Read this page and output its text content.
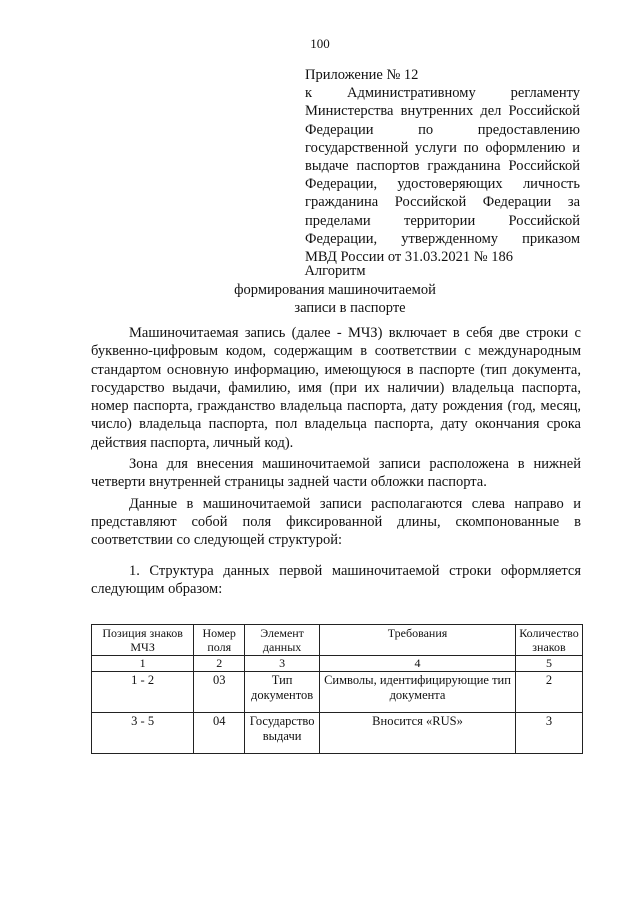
100
Приложение № 12
к Административному регламенту
Министерства внутренних дел Российской
Федерации по предоставлению
государственной услуги по оформлению и
выдаче паспортов гражданина Российской
Федерации, удостоверяющих личность
гражданина Российской Федерации за
пределами территории Российской
Федерации, утвержденному приказом
МВД России от 31.03.2021 № 186
Алгоритм
формирования машиночитаемой
записи в паспорте

Машиночитаемая запись (далее - МЧЗ) включает в себя две строки с буквенно-цифровым кодом, содержащим в соответствии с международным стандартом основную информацию, имеющуюся в паспорте (тип документа, государство выдачи, фамилию, имя (при их наличии) владельца паспорта, номер паспорта, гражданство владельца паспорта, дату рождения (год, месяц, число) владельца паспорта, пол владельца паспорта, дату окончания срока действия паспорта, личный код).

Зона для внесения машиночитаемой записи расположена в нижней четверти внутренней страницы задней части обложки паспорта.

Данные в машиночитаемой записи располагаются слева направо и представляют собой поля фиксированной длины, скомпонованные в соответствии со следующей структурой:

1. Структура данных первой машиночитаемой строки оформляется следующим образом:

Позиция знаков МЧЗ	Номер поля	Элемент данных	Требования	Количество знаков
1	2	3	4	5
1 - 2	03	Тип документов	Символы, идентифицирующие тип документа	2
3 - 5	04	Государство выдачи	Вносится «RUS»	3
